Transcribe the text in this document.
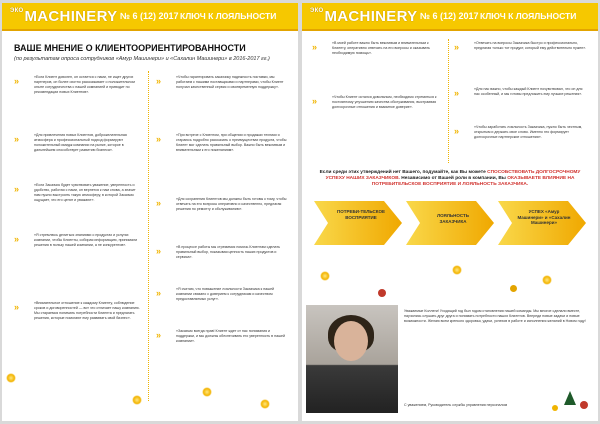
$^{ЭКО}$MACHINERY № 6 (12) 2017 КЛЮЧ К ЛОЯЛЬНОСТИ
ВАШЕ МНЕНИЕ О КЛИЕНТООРИЕНТИРОВАННОСТИ
(по результатам опроса сотрудников «Амур Машинери» и «Сахалин Машинери» в 2016-2017 гг.)
»	«Если Клиент доволен, он остается с нами, не ищет других партнеров, он более охотно рассказывает о положительном опыте сотрудничества с нашей компанией и приводит по рекомендации новых Клиентов».
»	«Для привлечения новых Клиентов, доброжелательная атмосфера и профессиональный подход формируют положительный имидж компании на рынке, которое в дальнейшем способствует развитию бизнеса».
»	«Если Заказчик будет чувствовать уважение, уверенность и удобство, работая с нами, он вернется к нам снова, а значит нам нужно выстроить такую атмосферу, в которой Заказчик ощущает, что его ценят и уважают».
»	«Я стремлюсь делиться знаниями о продуктах и услугах компании, чтобы Клиенты, собирая информацию, принимали решения в пользу нашей компании, а не конкурентов».
»	«Внимательное отношение к каждому Клиенту, соблюдение сроков и договоренностей — вот что отличает нашу компанию. Мы стараемся понимать потребности Клиента и предлагать решения, которые помогают ему развивать свой бизнес».
»	«Чтобы гарантировать заказчику надежность поставки, мы работаем с нашими поставщиками и партнерами, чтобы Клиент получал качественный сервис и своевременную поддержку».
»	«При встрече с Клиентом, при общении и продажах техники я стараюсь подробно рассказать о преимуществах продукта, чтобы Клиент мог сделать правильный выбор. Важно быть вежливым и внимательным к его пожеланиям».
»	«Для сохранения Клиентов мы должны быть готовы к тому, чтобы отвечать на его вопросы оперативно и качественно, предлагая решения по ремонту и обслуживанию».
»	«В процессе работы мы стремимся помочь Клиентам сделать правильный выбор, показывая ценность наших продуктов и сервиса».
»	«Я считаю, что повышение лояльности Заказчика к нашей компании связано с доверием к сотрудникам и качеством предоставляемых услуг».
»	«Заказчик всегда прав! Клиент ждет от нас понимания и поддержки, и мы должны обеспечивать его уверенность в нашей компании».
$^{ЭКО}$MACHINERY № 6 (12) 2017 КЛЮЧ К ЛОЯЛЬНОСТИ
»	«В моей работе важно быть вежливым и внимательным к Клиенту, оперативно отвечать на его вопросы и оказывать необходимую помощь».
»	«Чтобы Клиент остался довольным, необходимо стремиться к постоянному улучшению качества обслуживания, выстраивая долгосрочные отношения и взаимное доверие».
»	«Отвечать на вопросы Заказчика быстро и профессионально, предлагая только тот продукт, который ему действительно нужен».
»	«Для нас важно, чтобы каждый Клиент почувствовал, что он для нас особенный, и мы готовы предложить ему лучшие решения».
»	«Чтобы заработать лояльность Заказчика, нужно быть честным, открытым и держать свое слово. Именно это формирует долгосрочные партнерские отношения».
Если среди этих утверждений нет Вашего, подумайте, как Вы можете СПОСОБСТВОВАТЬ ДОЛГОСРОЧНОМУ УСПЕХУ НАШИХ ЗАКАЗЧИКОВ. Независимо от Вашей роли в компании, Вы ОКАЗЫВАЕТЕ ВЛИЯНИЕ НА ПОТРЕБИТЕЛЬСКОЕ ВОСПРИЯТИЕ И ЛОЯЛЬНОСТЬ ЗАКАЗЧИКА.
ПОТРЕБИ-ТЕЛЬСКОЕ ВОСПРИЯТИЕ	ЛОЯЛЬНОСТЬ ЗАКАЗЧИКА
УСПЕХ «Амур Машинери» и «Сахалин Машинери»
Уважаемые Коллеги! Уходящий год был годом становления нашей команды. Мы многое сделали вместе, научились слушать друг друга и понимать потребности наших Клиентов. Впереди новые задачи и новые возможности. Желаю всем крепкого здоровья, удачи, успехов в работе и исполнения желаний в Новом году!
С уважением, Руководитель службы управления персоналом
